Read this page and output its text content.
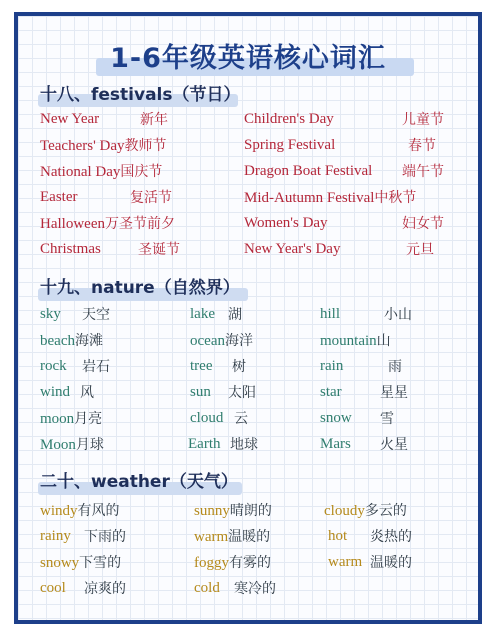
1-6年级英语核心词汇
十八、festivals（节日）
New Year	新年	Children's Day	儿童节
Teachers' Day教师节	Spring Festival	春节
National Day国庆节	Dragon Boat Festival 端午节
Easter	复活节	Mid-Autumn Festival中秋节
Halloween万圣节前夕	Women's Day	妇女节
Christmas	圣诞节	New Year's Day	元旦
十九、nature（自然界）
sky 天空	lake 湖	hill	小山
beach海滩	ocean海洋	mountain山
rock 岩石	tree 树	rain	雨
wind 风	sun 太阳	star	星星
moon月亮	cloud 云	snow 雪
Moon月球	Earth 地球	Mars 火星
二十、weather（天气）
windy有风的	sunny晴朗的	cloudy多云的
rainy 下雨的	warm温暖的	hot 炎热的
snowy下雪的	foggy有雾的	warm 温暖的
cool 凉爽的	cold 寒冷的
